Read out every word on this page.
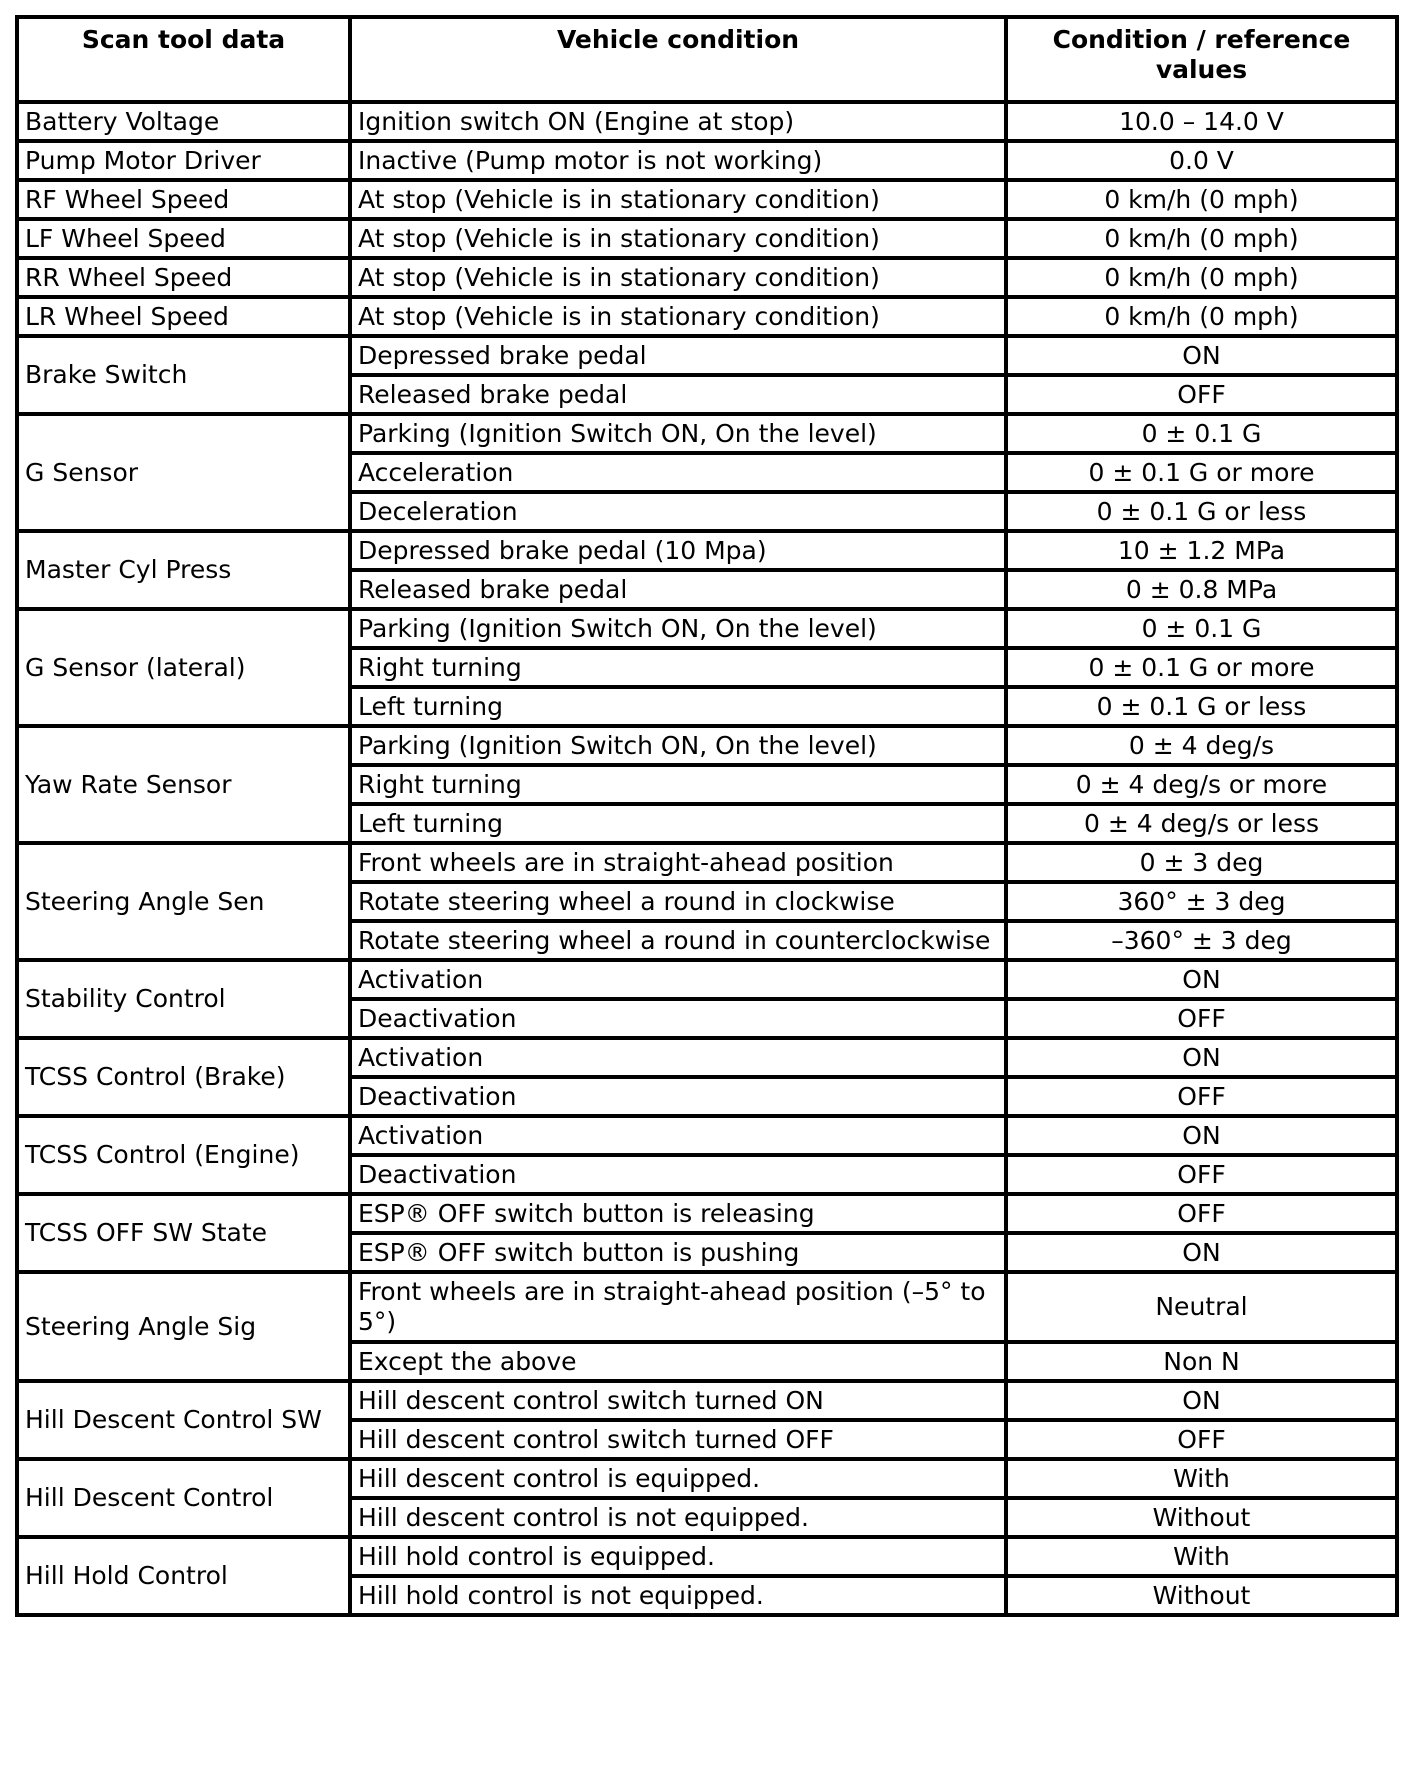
Scan tool data	Vehicle condition	Condition / reference values
Battery Voltage	Ignition switch ON (Engine at stop)	10.0 – 14.0 V
Pump Motor Driver	Inactive (Pump motor is not working)	0.0 V
RF Wheel Speed	At stop (Vehicle is in stationary condition)	0 km/h (0 mph)
LF Wheel Speed	At stop (Vehicle is in stationary condition)	0 km/h (0 mph)
RR Wheel Speed	At stop (Vehicle is in stationary condition)	0 km/h (0 mph)
LR Wheel Speed	At stop (Vehicle is in stationary condition)	0 km/h (0 mph)
Brake Switch	Depressed brake pedal	ON
	Released brake pedal	OFF
G Sensor	Parking (Ignition Switch ON, On the level)	0 ± 0.1 G
	Acceleration	0 ± 0.1 G or more
	Deceleration	0 ± 0.1 G or less
Master Cyl Press	Depressed brake pedal (10 Mpa)	10 ± 1.2 MPa
	Released brake pedal	0 ± 0.8 MPa
G Sensor (lateral)	Parking (Ignition Switch ON, On the level)	0 ± 0.1 G
	Right turning	0 ± 0.1 G or more
	Left turning	0 ± 0.1 G or less
Yaw Rate Sensor	Parking (Ignition Switch ON, On the level)	0 ± 4 deg/s
	Right turning	0 ± 4 deg/s or more
	Left turning	0 ± 4 deg/s or less
Steering Angle Sen	Front wheels are in straight-ahead position	0 ± 3 deg
	Rotate steering wheel a round in clockwise	360° ± 3 deg
	Rotate steering wheel a round in counterclockwise	–360° ± 3 deg
Stability Control	Activation	ON
	Deactivation	OFF
TCSS Control (Brake)	Activation	ON
	Deactivation	OFF
TCSS Control (Engine)	Activation	ON
	Deactivation	OFF
TCSS OFF SW State	ESP® OFF switch button is releasing	OFF
	ESP® OFF switch button is pushing	ON
Steering Angle Sig	Front wheels are in straight-ahead position (–5° to 5°)	Neutral
	Except the above	Non N
Hill Descent Control SW	Hill descent control switch turned ON	ON
	Hill descent control switch turned OFF	OFF
Hill Descent Control	Hill descent control is equipped.	With
	Hill descent control is not equipped.	Without
Hill Hold Control	Hill hold control is equipped.	With
	Hill hold control is not equipped.	Without
